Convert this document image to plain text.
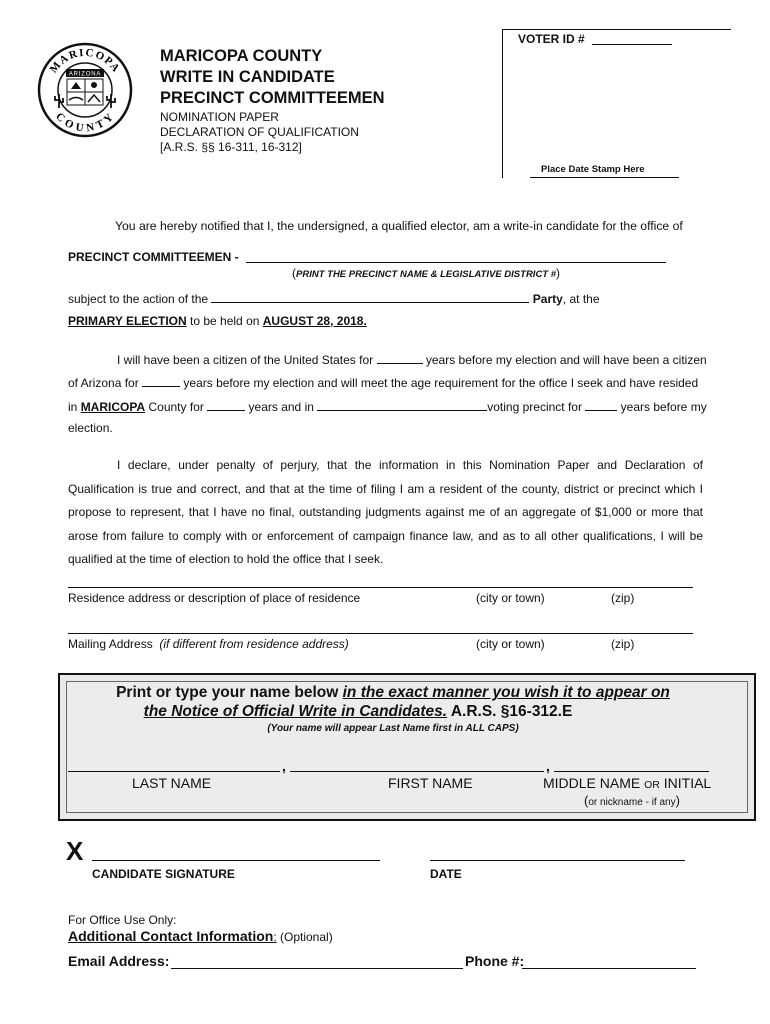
MARICOPA
COUNTY
ARIZONA
MARICOPA COUNTY
WRITE IN CANDIDATE
PRECINCT COMMITTEEMEN
NOMINATION PAPER
DECLARATION OF QUALIFICATION
[A.R.S. §§ 16-311, 16-312]
VOTER ID #
Place Date Stamp Here
You are hereby notified that I, the undersigned, a qualified elector, am a write-in candidate for the office of
PRECINCT COMMITTEEMEN -
(PRINT THE PRECINCT NAME & LEGISLATIVE DISTRICT #)
subject to the action of the	Party, at the
PRIMARY ELECTION to be held on AUGUST 28, 2018.
I will have been a citizen of the United States for	years before my election and will have been a citizen
of Arizona for	years before my election and will meet the age requirement for the office I seek and have resided
in MARICOPA County for	years and in	voting precinct for	years before my
election.
I declare, under penalty of perjury, that the information in this Nomination Paper and Declaration of
Qualification is true and correct, and that at the time of filing I am a resident of the county, district or precinct which I
propose to represent, that I have no final, outstanding judgments against me of an aggregate of $1,000 or more that
arose from failure to comply with or enforcement of campaign finance law, and as to all other qualifications, I will be
qualified at the time of election to hold the office that I seek.
Residence address or description of place of residence	(city or town)	(zip)
Mailing Address (if different from residence address)	(city or town)	(zip)
Print or type your name below in the exact manner you wish it to appear on
the Notice of Official Write in Candidates. A.R.S. §16-312.E
(Your name will appear Last Name first in ALL CAPS)
,	,
LAST NAME	FIRST NAME	MIDDLE NAME OR INITIAL
(or nickname - if any)
X
CANDIDATE SIGNATURE	DATE
For Office Use Only:
Additional Contact Information: (Optional)
Email Address:	Phone #:
